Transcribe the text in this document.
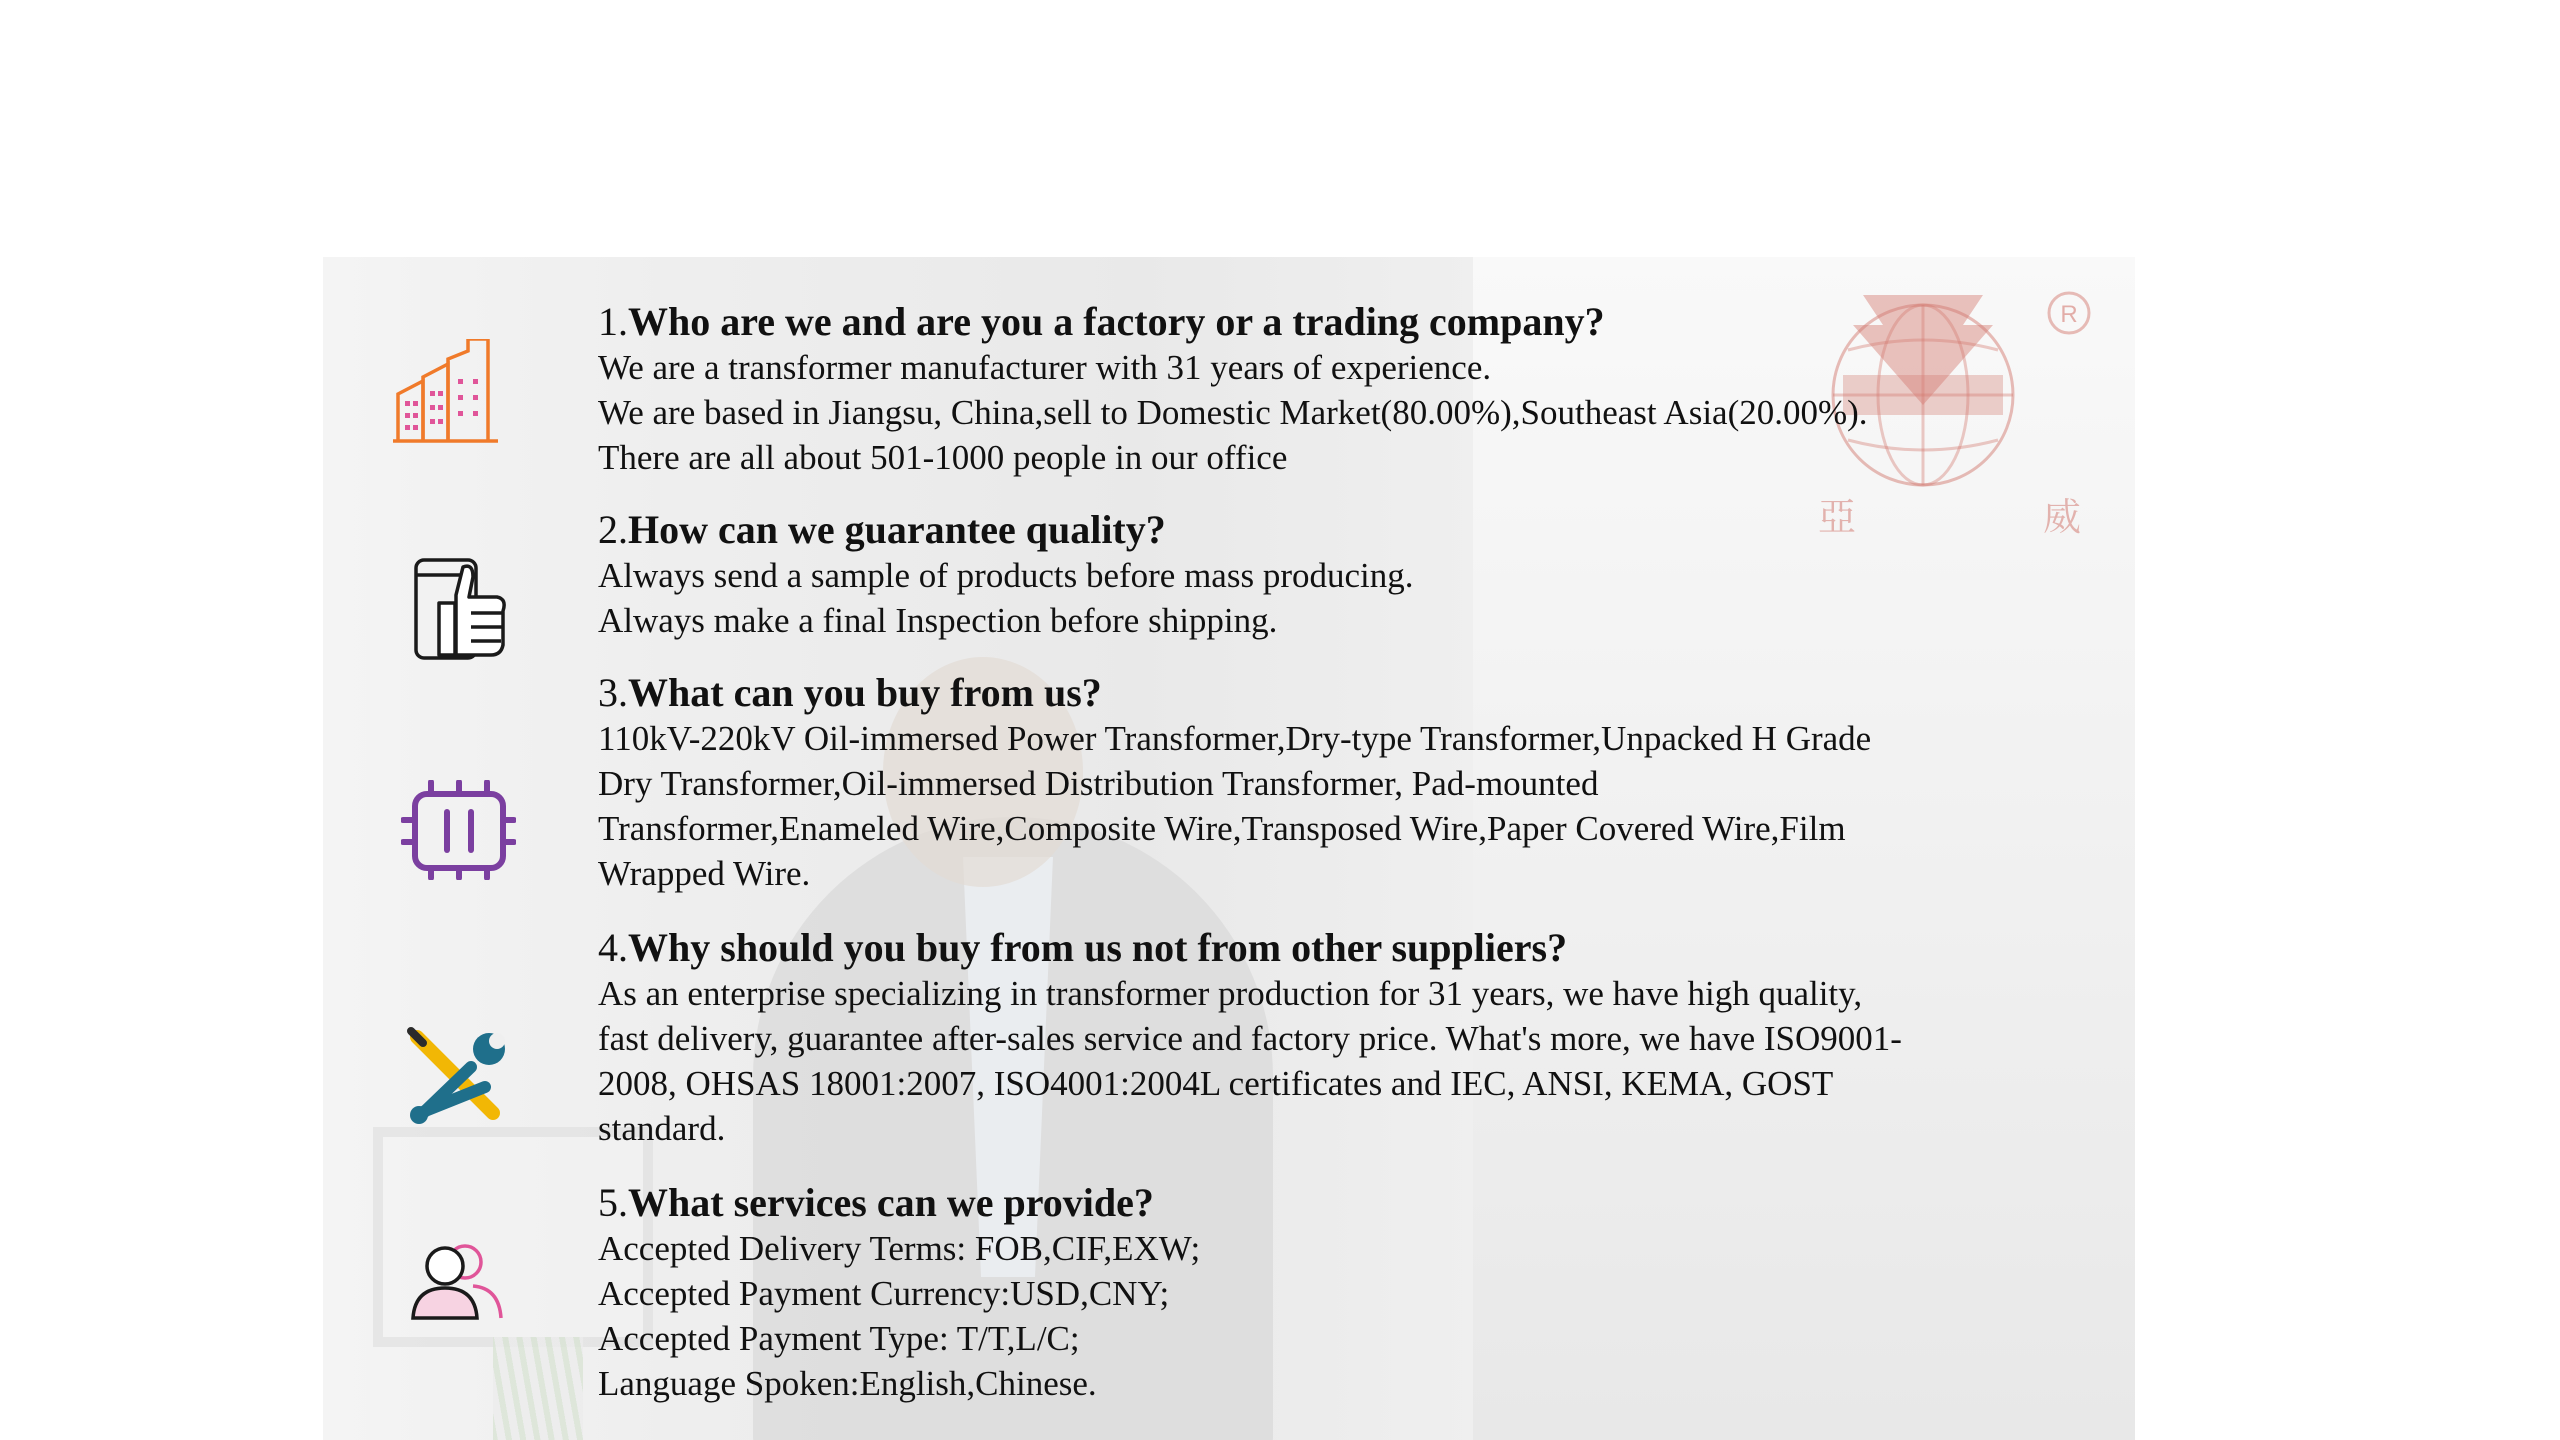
R
亞	威

1.Who are we and are you a factory or a trading company?

We are a transformer manufacturer with 31 years of experience.

We are based in Jiangsu, China,sell to Domestic Market(80.00%),Southeast Asia(20.00%).

There are all about 501-1000 people in our office

2.How can we guarantee quality?

Always send a sample of products before mass producing.

Always make a final Inspection before shipping.

3.What can you buy from us?

110kV-220kV Oil-immersed Power Transformer,Dry-type Transformer,Unpacked H Grade

Dry Transformer,Oil-immersed Distribution Transformer, Pad-mounted

Transformer,Enameled Wire,Composite Wire,Transposed Wire,Paper Covered Wire,Film

Wrapped Wire.

4.Why should you buy from us not from other suppliers?

As an enterprise specializing in transformer production for 31 years, we have high quality,

fast delivery, guarantee after-sales service and factory price. What's more, we have ISO9001-

2008, OHSAS 18001:2007, ISO4001:2004L certificates and IEC, ANSI, KEMA, GOST

standard.

5.What services can we provide?

Accepted Delivery Terms: FOB,CIF,EXW;

Accepted Payment Currency:USD,CNY;

Accepted Payment Type: T/T,L/C;

Language Spoken:English,Chinese.
